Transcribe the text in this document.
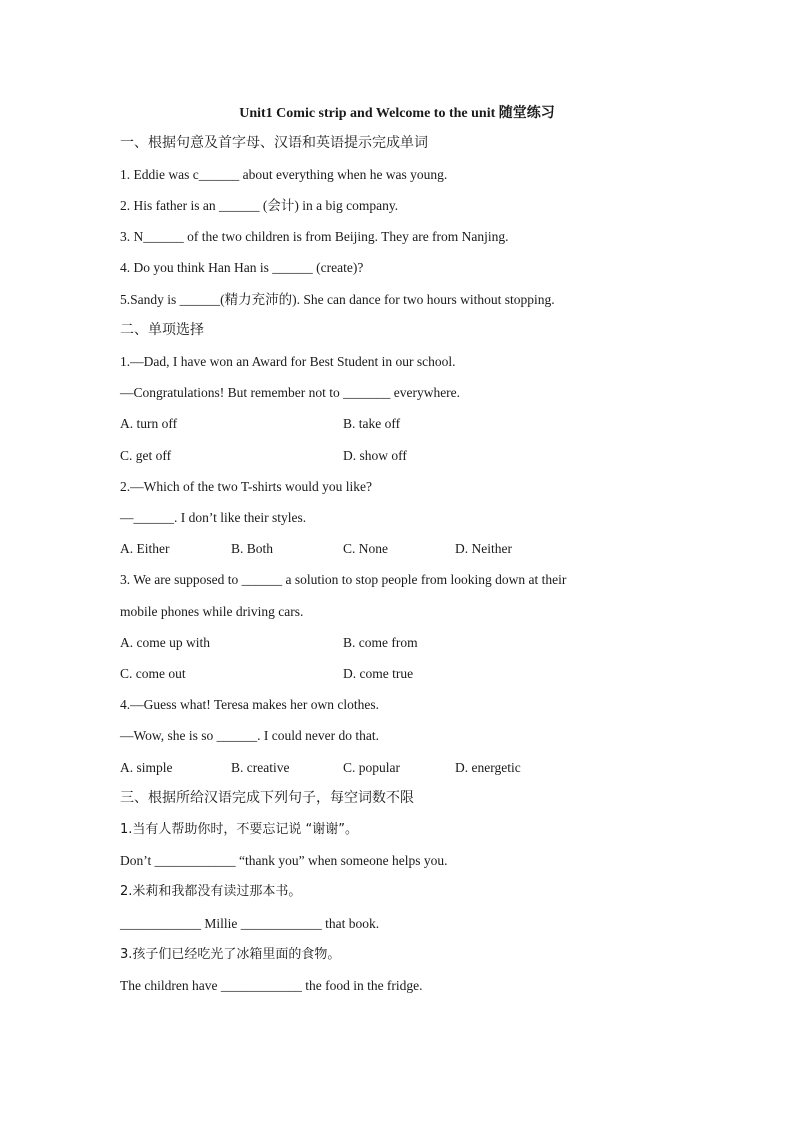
Unit1 Comic strip and Welcome to the unit 随堂练习
一、根据句意及首字母、汉语和英语提示完成单词
1. Eddie was c______ about everything when he was young.
2. His father is an ______ (会计) in a big company.
3. N______ of the two children is from Beijing. They are from Nanjing.
4. Do you think Han Han is ______ (create)?
5.Sandy is ______(精力充沛的). She can dance for two hours without stopping.
二、单项选择
1.—Dad, I have won an Award for Best Student in our school.
—Congratulations! But remember not to _______ everywhere.
A. turn off	B. take off
C. get off	D. show off
2.—Which of the two T-shirts would you like?
—______. I don’t like their styles.
A. Either	B. Both	C. None	D. Neither
3. We are supposed to ______ a solution to stop people from looking down at their
mobile phones while driving cars.
A. come up with	B. come from
C. come out	D. come true
4.—Guess what! Teresa makes her own clothes.
—Wow, she is so ______. I could never do that.
A. simple	B. creative	C. popular	D. energetic
三、根据所给汉语完成下列句子，每空词数不限
1.当有人帮助你时，不要忘记说 “谢谢”。
Don’t ____________ “thank you” when someone helps you.
2.米莉和我都没有读过那本书。
____________ Millie ____________ that book.
3.孩子们已经吃光了冰箱里面的食物。
The children have ____________ the food in the fridge.
